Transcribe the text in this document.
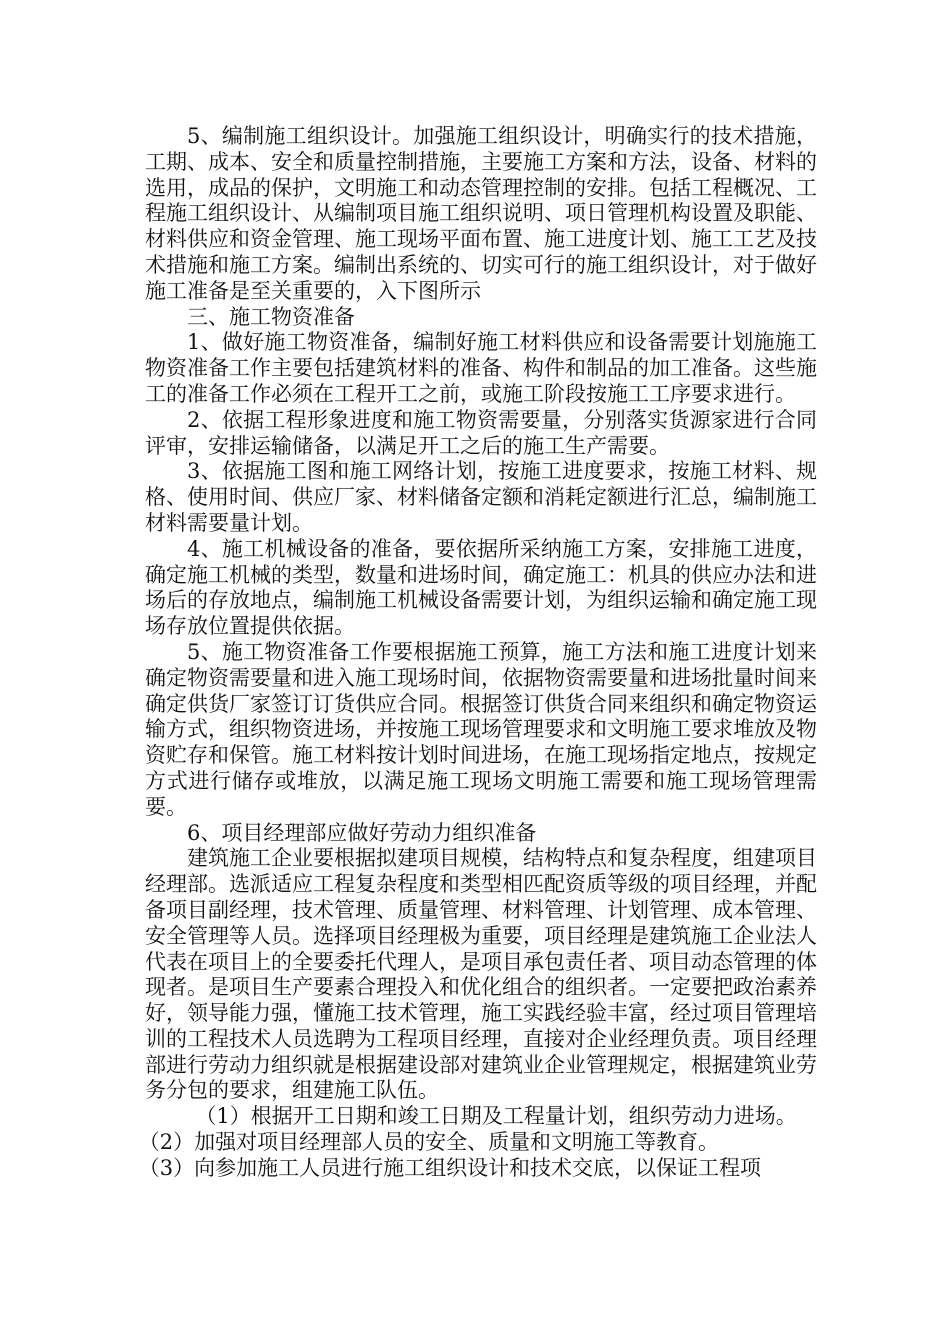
5、编制施工组织设计。加强施工组织设计，明确实行的技术措施，工期、成本、安全和质量控制措施，主要施工方案和方法，设备、材料的选用，成品的保护，文明施工和动态管理控制的安排。包括工程概况、工程施工组织设计、从编制项目施工组织说明、项日管理机构设置及职能、材料供应和资金管理、施工现场平面布置、施工进度计划、施工工艺及技术措施和施工方案。编制出系统的、切实可行的施工组织设计，对于做好施工准备是至关重要的，入下图所示

三、施工物资准备

1、做好施工物资准备，编制好施工材料供应和设备需要计划施施工物资准备工作主要包括建筑材料的准备、构件和制品的加工准备。这些施工的准备工作必须在工程开工之前，或施工阶段按施工工序要求进行。

2、依据工程形象进度和施工物资需要量，分别落实货源家进行合同评审，安排运输储备，以满足开工之后的施工生产需要。

3、依据施工图和施工网络计划，按施工进度要求，按施工材料、规格、使用时间、供应厂家、材料储备定额和消耗定额进行汇总，编制施工材料需要量计划。

4、施工机械设备的准备，要依据所采纳施工方案，安排施工进度，确定施工机械的类型，数量和进场时间，确定施工：机具的供应办法和进场后的存放地点，编制施工机械设备需要计划，为组织运输和确定施工现场存放位置提供依据。

5、施工物资准备工作要根据施工预算，施工方法和施工进度计划来确定物资需要量和进入施工现场时间，依据物资需要量和进场批量时间来确定供货厂家签订订货供应合同。根据签订供货合同来组织和确定物资运输方式，组织物资进场，并按施工现场管理要求和文明施工要求堆放及物资贮存和保管。施工材料按计划时间进场，在施工现场指定地点，按规定方式进行储存或堆放，以满足施工现场文明施工需要和施工现场管理需要。

6、项目经理部应做好劳动力组织准备

建筑施工企业要根据拟建项目规模，结构特点和复杂程度，组建项目经理部。选派适应工程复杂程度和类型相匹配资质等级的项目经理，并配备项目副经理，技术管理、质量管理、材料管理、计划管理、成本管理、安全管理等人员。选择项目经理极为重要，项目经理是建筑施工企业法人代表在项目上的全要委托代理人，是项目承包责任者、项目动态管理的体现者。是项目生产要素合理投入和优化组合的组织者。一定要把政治素养好，领导能力强，懂施工技术管理，施工实践经验丰富，经过项目管理培训的工程技术人员选聘为工程项目经理，直接对企业经理负责。项目经理部进行劳动力组织就是根据建设部对建筑业企业管理规定，根据建筑业劳务分包的要求，组建施工队伍。

（1）根据开工日期和竣工日期及工程量计划，组织劳动力进场。

（2）加强对项目经理部人员的安全、质量和文明施工等教育。

（3）向参加施工人员进行施工组织设计和技术交底，以保证工程项
